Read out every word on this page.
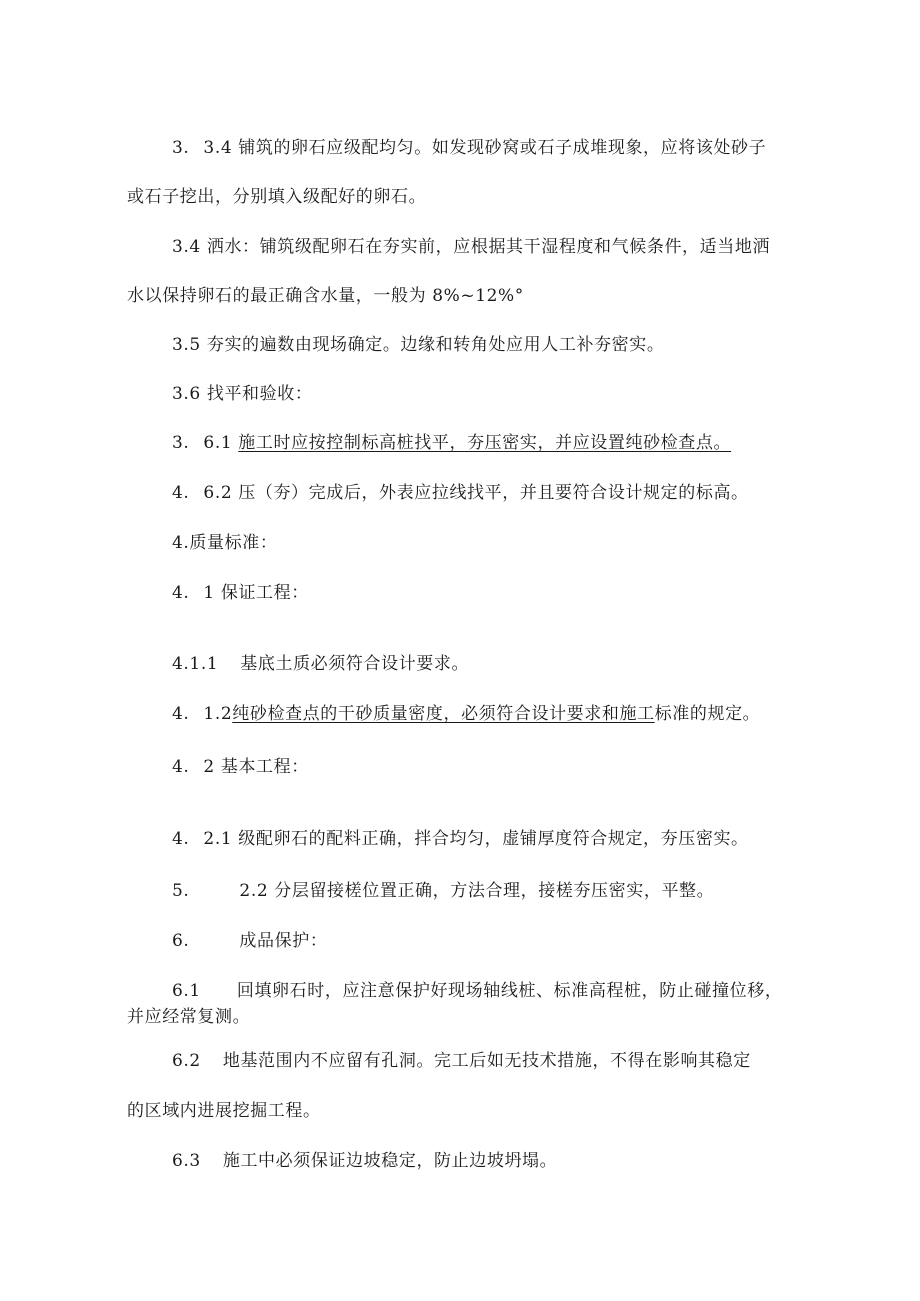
3. 3.4 铺筑的卵石应级配均匀。如发现砂窝或石子成堆现象，应将该处砂子
或石子挖出，分别填入级配好的卵石。
3.4 洒水：铺筑级配卵石在夯实前，应根据其干湿程度和气候条件，适当地洒
水以保持卵石的最正确含水量，一般为 8%~12%°
3.5 夯实的遍数由现场确定。边缘和转角处应用人工补夯密实。
3.6 找平和验收：
3. 6.1 施工时应按控制标高桩找平，夯压密实，并应设置纯砂检查点。
4. 6.2 压（夯）完成后，外表应拉线找平，并且要符合设计规定的标高。
4.质量标准：
4. 1 保证工程：
4.1.1 基底土质必须符合设计要求。
4. 1.2纯砂检查点的干砂质量密度，必须符合设计要求和施工标准的规定。
4. 2 基本工程：
4. 2.1 级配卵石的配料正确，拌合均匀，虚铺厚度符合规定，夯压密实。
5.	2.2 分层留接槎位置正确，方法合理，接槎夯压密实，平整。
6.	成品保护：
6.1 回填卵石时，应注意保护好现场轴线桩、标准高程桩，防止碰撞位移，
并应经常复测。
6.2 地基范围内不应留有孔洞。完工后如无技术措施，不得在影响其稳定
的区域内进展挖掘工程。
6.3 施工中必须保证边坡稳定，防止边坡坍塌。
